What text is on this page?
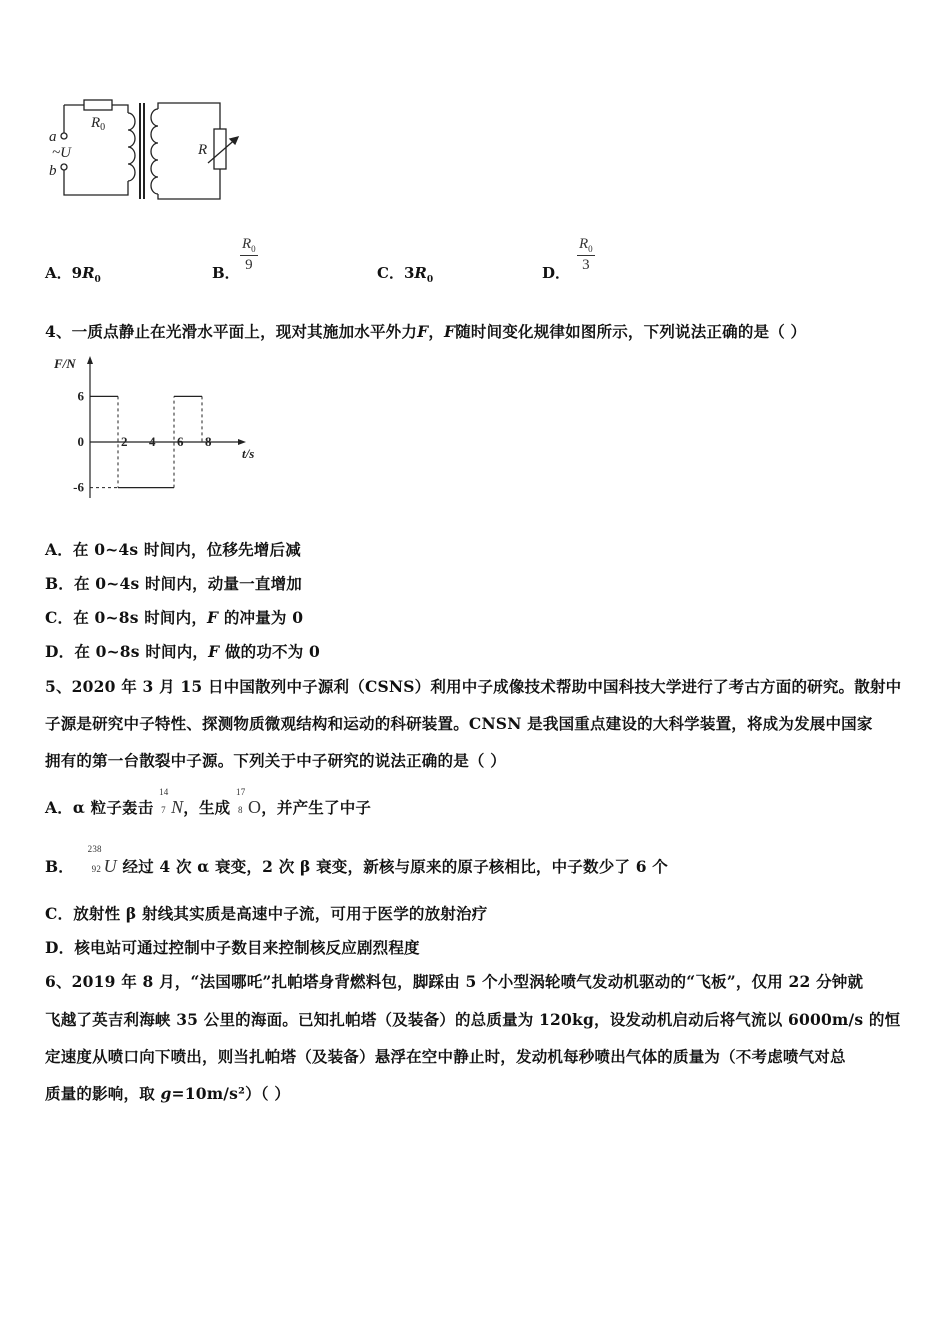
$R_0$
a
~U
b
R
A．$9R_0$	B．
$R_0$
9	C．$3R_0$	D．
$R_0$
3
4、一质点静止在光滑水平面上，现对其施加水平外力F，F随时间变化规律如图所示，下列说法正确的是（ ）
F/N
t/s
6
0
-6
2 4 6 8
A．在 0~4s 时间内，位移先增后减
B．在 0~4s 时间内，动量一直增加
C．在 0~8s 时间内，F 的冲量为 0
D．在 0~8s 时间内，F 做的功不为 0
5、2020 年 3 月 15 日中国散列中子源利（CSNS）利用中子成像技术帮助中国科技大学进行了考古方面的研究。散射中
子源是研究中子特性、探测物质微观结构和运动的科研装置。CNSN 是我国重点建设的大科学装置，将成为发展中国家
拥有的第一台散裂中子源。下列关于中子研究的说法正确的是（ ）
A．α 粒子轰击
14
7 N，生成
17
8 O，并产生了中子
B．
238
92 U 经过 4 次 α 衰变，2 次 β 衰变，新核与原来的原子核相比，中子数少了 6 个
C．放射性 β 射线其实质是高速中子流，可用于医学的放射治疗
D．核电站可通过控制中子数目来控制核反应剧烈程度
6、2019 年 8 月，“法国哪吒”扎帕塔身背燃料包，脚踩由 5 个小型涡轮喷气发动机驱动的“飞板”，仅用 22 分钟就
飞越了英吉利海峡 35 公里的海面。已知扎帕塔（及装备）的总质量为 120kg，设发动机启动后将气流以 6000m/s 的恒
定速度从喷口向下喷出，则当扎帕塔（及装备）悬浮在空中静止时，发动机每秒喷出气体的质量为（不考虑喷气对总
质量的影响，取 g=10m/s²）（ ）
